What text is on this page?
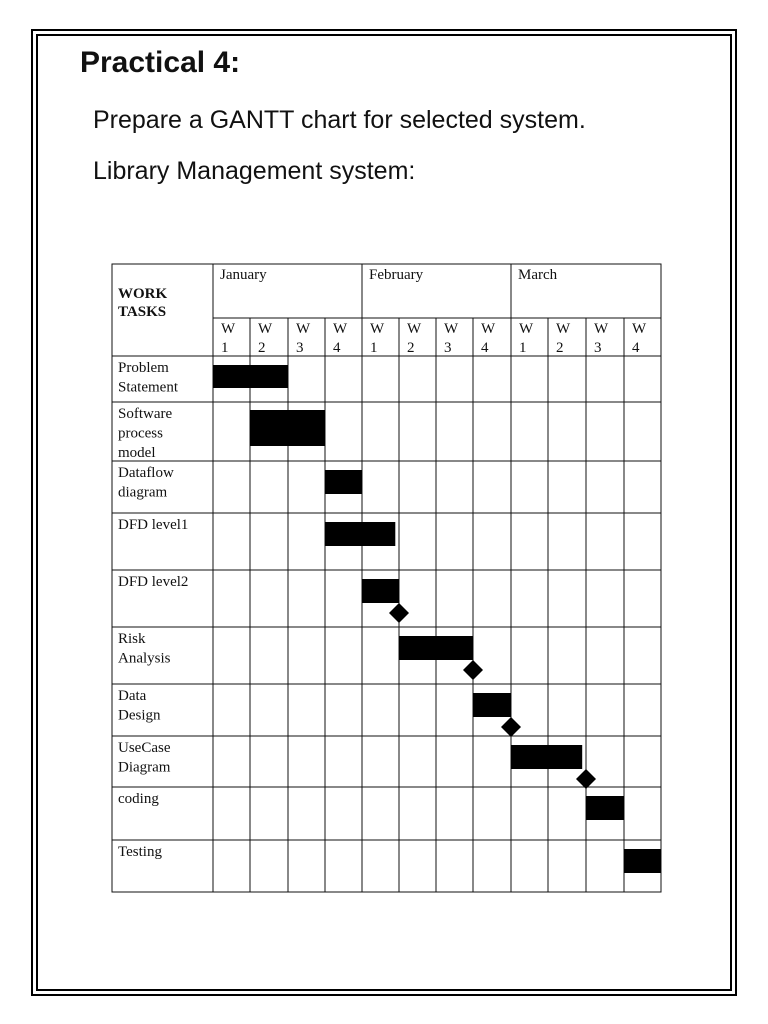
Practical 4:

Prepare a GANTT chart for selected system.

Library Management system:

WORK
TASKS
January	February	March
W
1
W
2
W
3
W
4
W
1
W
2
W
3
W
4
W
1
W
2
W
3
W
4
Problem
Statement
Software
process
model
Dataflow
diagram
DFD level1
DFD level2
Risk
Analysis
Data
Design
UseCase
Diagram
coding
Testing
